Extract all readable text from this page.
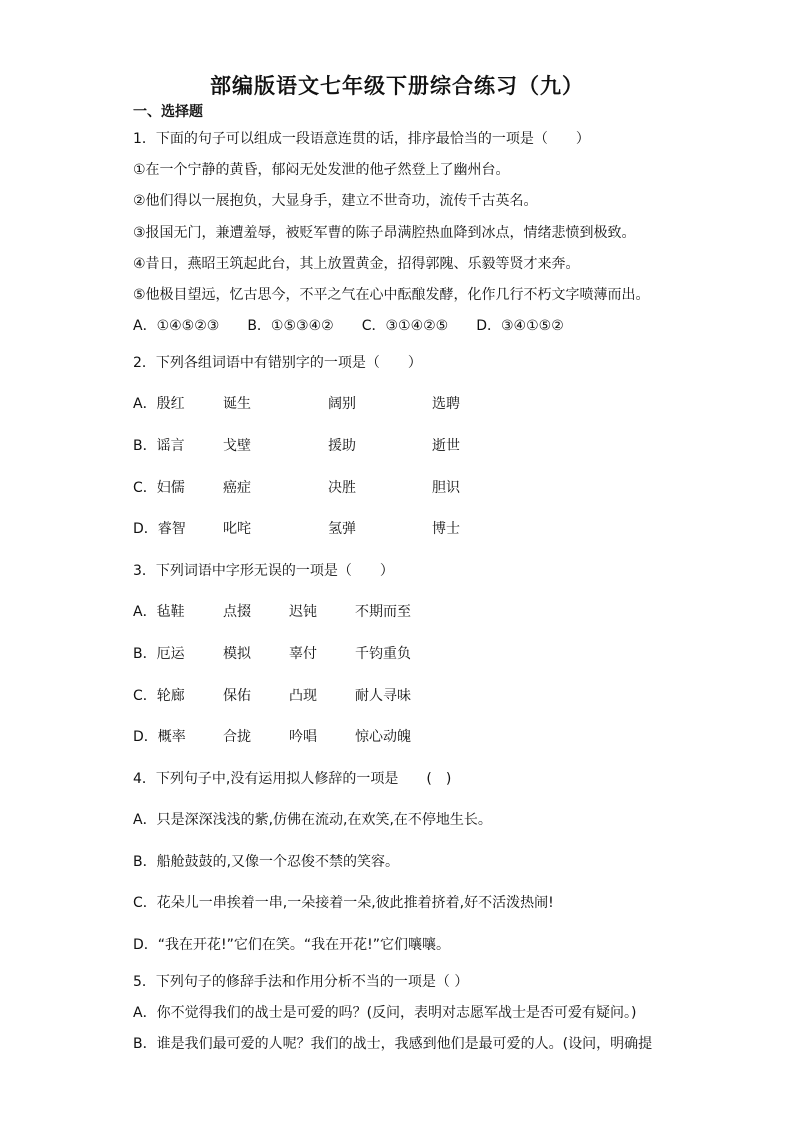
部编版语文七年级下册综合练习（九）
一、选择题
1．下面的句子可以组成一段语意连贯的话，排序最恰当的一项是（　　）
①在一个宁静的黄昏，郁闷无处发泄的他孑然登上了幽州台。
②他们得以一展抱负，大显身手，建立不世奇功，流传千古英名。
③报国无门，兼遭羞辱，被贬军曹的陈子昂满腔热血降到冰点，情绪悲愤到极致。
④昔日，燕昭王筑起此台，其上放置黄金，招得郭隗、乐毅等贤才来奔。
⑤他极目望远，忆古思今，不平之气在心中酝酿发酵，化作几行不朽文字喷薄而出。
A．①④⑤②③　　B．①⑤③④②　　C．③①④②⑤　　D．③④①⑤②
2．下列各组词语中有错别字的一项是（　　）
A．殷红	诞生	阔别	选聘
B．谣言	戈壁	援助	逝世
C．妇儒	癌症	决胜	胆识
D．睿智	叱咤	氢弹	博士
3．下列词语中字形无误的一项是（　　）
A．毡鞋	点掇	迟钝	不期而至
B．厄运	模拟	辜付	千钧重负
C．轮廊	保佑	凸现	耐人寻味
D．概率	合拢	吟唱	惊心动魄
4．下列句子中,没有运用拟人修辞的一项是　　(　)
A．只是深深浅浅的紫,仿佛在流动,在欢笑,在不停地生长。
B．船舱鼓鼓的,又像一个忍俊不禁的笑容。
C．花朵儿一串挨着一串,一朵接着一朵,彼此推着挤着,好不活泼热闹!
D．“我在开花!”它们在笑。“我在开花!”它们嚷嚷。
5．下列句子的修辞手法和作用分析不当的一项是（ ）
A．你不觉得我们的战士是可爱的吗？(反问，表明对志愿军战士是否可爱有疑问。)
B．谁是我们最可爱的人呢？我们的战士，我感到他们是最可爱的人。(设问，明确提
